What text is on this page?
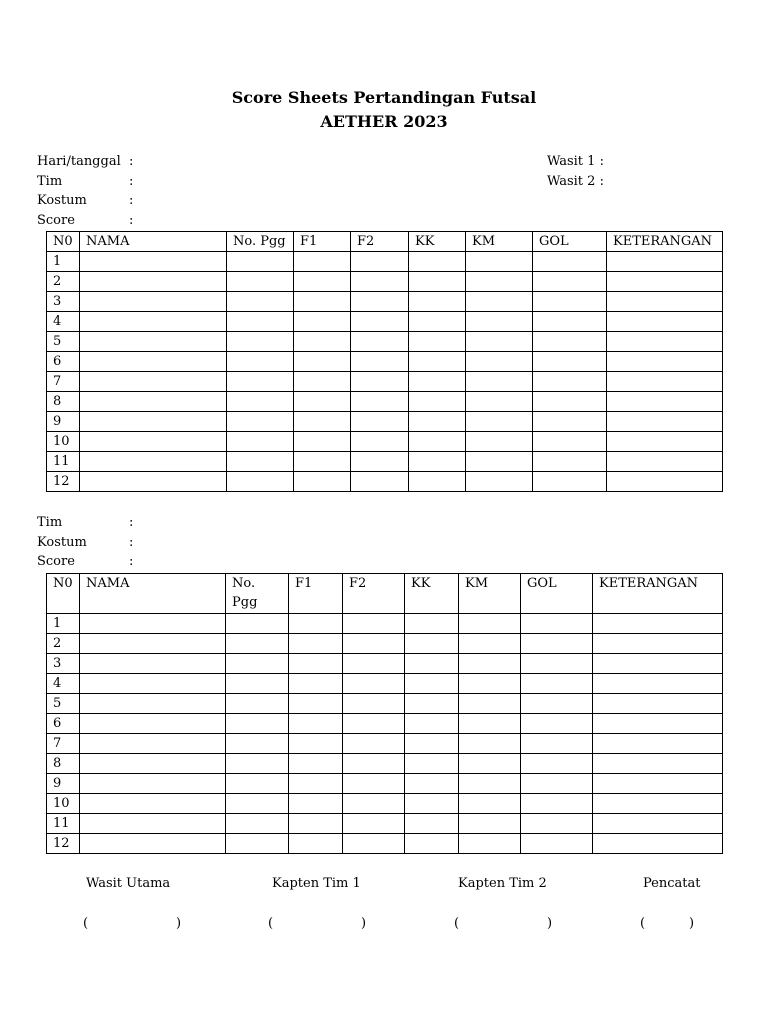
Score Sheets Pertandingan Futsal
AETHER 2023
Hari/tanggal :
Tim	:
Kostum	:
Score	:
Wasit 1 :
Wasit 2 :
N0	NAMA	No. Pgg	F1	F2	KK	KM	GOL	KETERANGAN
1								
2								
3								
4								
5								
6								
7								
8								
9								
10								
11								
12								
Tim	:
Kostum	:
Score	:
N0	NAMA	No. Pgg	F1	F2	KK	KM	GOL	KETERANGAN
1								
2								
3								
4								
5								
6								
7								
8								
9								
10								
11								
12								
Wasit Utama	Kapten Tim 1	Kapten Tim 2	Pencatat
(	)	(	)	(	)	(	)
